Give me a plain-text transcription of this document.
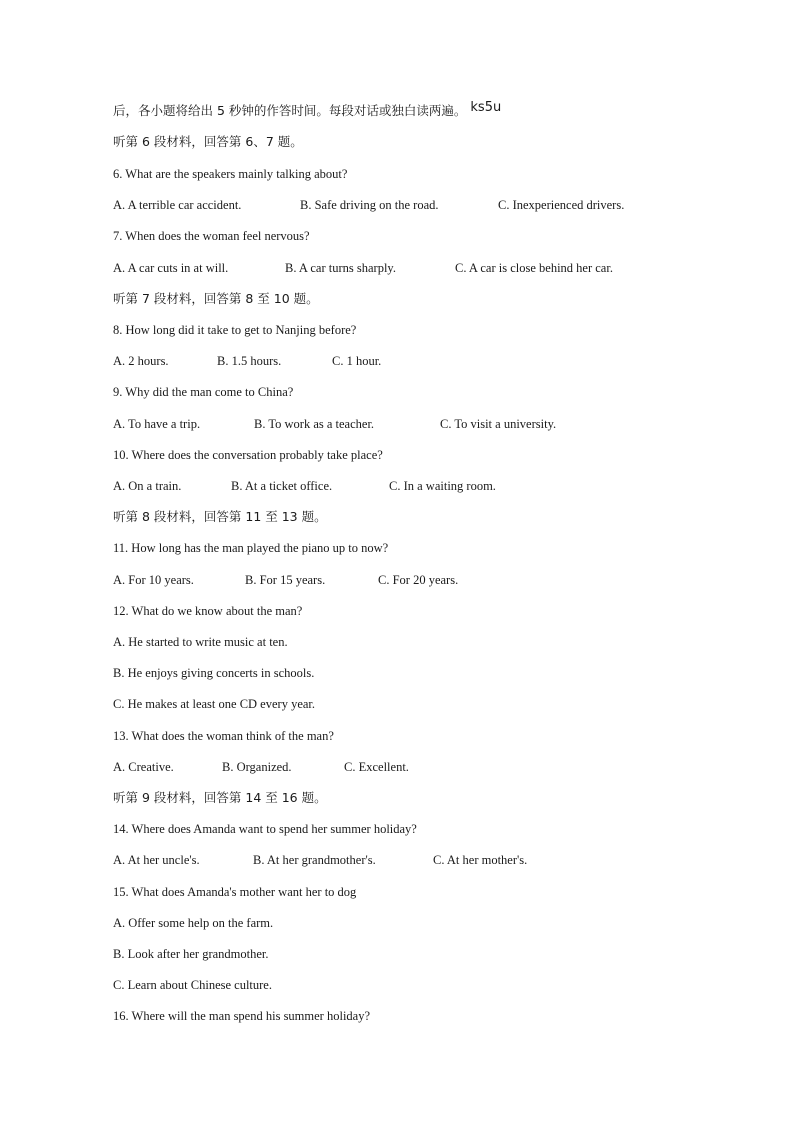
后，各小题将给出 5 秒钟的作答时间。每段对话或独白读两遍。 ks5u
听第 6 段材料，回答第 6、7 题。
6. What are the speakers mainly talking about?
A. A terrible car accident.	B. Safe driving on the road.	C. Inexperienced drivers.
7. When does the woman feel nervous?
A. A car cuts in at will.	B. A car turns sharply.	C. A car is close behind her car.
听第 7 段材料，回答第 8 至 10 题。
8. How long did it take to get to Nanjing before?
A. 2 hours.	B. 1.5 hours.	C. 1 hour.
9. Why did the man come to China?
A. To have a trip.	B. To work as a teacher.	C. To visit a university.
10. Where does the conversation probably take place?
A. On a train.	B. At a ticket office.	C. In a waiting room.
听第 8 段材料，回答第 11 至 13 题。
11. How long has the man played the piano up to now?
A. For 10 years.	B. For 15 years.	C. For 20 years.
12. What do we know about the man?
A. He started to write music at ten.
B. He enjoys giving concerts in schools.
C. He makes at least one CD every year.
13. What does the woman think of the man?
A. Creative.	B. Organized.	C. Excellent.
听第 9 段材料，回答第 14 至 16 题。
14. Where does Amanda want to spend her summer holiday?
A. At her uncle's.	B. At her grandmother's.	C. At her mother's.
15. What does Amanda's mother want her to dog
A. Offer some help on the farm.
B. Look after her grandmother.
C. Learn about Chinese culture.
16. Where will the man spend his summer holiday?
